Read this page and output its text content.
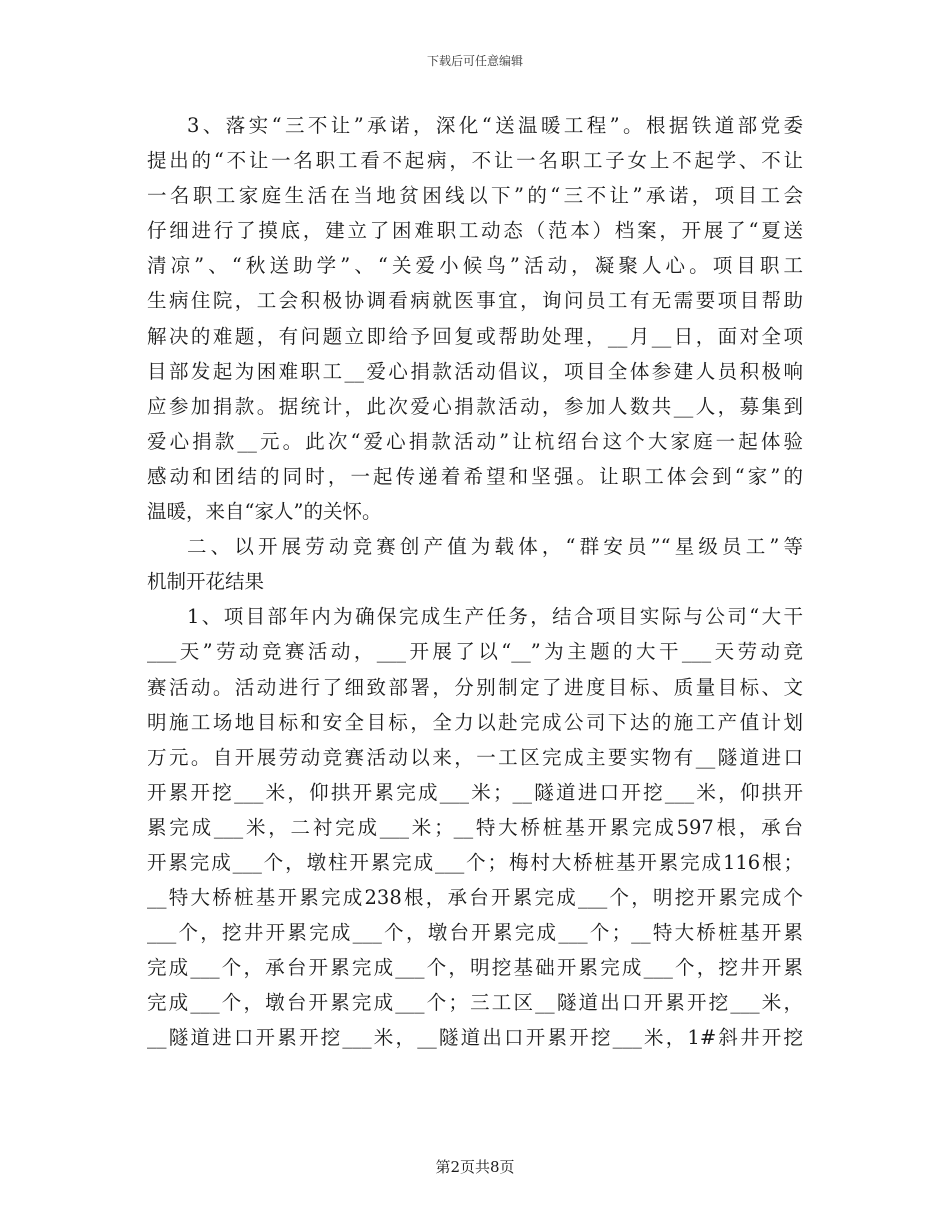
下载后可任意编辑
3、落实“三不让”承诺，深化“送温暖工程”。根据铁道部党委
提出的“不让一名职工看不起病，不让一名职工子女上不起学、不让
一名职工家庭生活在当地贫困线以下”的“三不让”承诺，项目工会
仔细进行了摸底，建立了困难职工动态（范本）档案，开展了“夏送
清凉”、“秋送助学”、“关爱小候鸟”活动，凝聚人心。项目职工
生病住院，工会积极协调看病就医事宜，询问员工有无需要项目帮助
解决的难题，有问题立即给予回复或帮助处理，__月__日，面对全项
目部发起为困难职工__爱心捐款活动倡议，项目全体参建人员积极响
应参加捐款。据统计，此次爱心捐款活动，参加人数共__人，募集到
爱心捐款__元。此次“爱心捐款活动”让杭绍台这个大家庭一起体验
感动和团结的同时，一起传递着希望和坚强。让职工体会到“家”的
温暖，来自“家人”的关怀。
二、以开展劳动竞赛创产值为载体，“群安员”“星级员工”等
机制开花结果
1、项目部年内为确保完成生产任务，结合项目实际与公司“大干
___天”劳动竞赛活动，___开展了以“__”为主题的大干___天劳动竞
赛活动。活动进行了细致部署，分别制定了进度目标、质量目标、文
明施工场地目标和安全目标，全力以赴完成公司下达的施工产值计划
万元。自开展劳动竞赛活动以来，一工区完成主要实物有__隧道进口
开累开挖___米，仰拱开累完成___米；__隧道进口开挖___米，仰拱开
累完成___米，二衬完成___米；__特大桥桩基开累完成597根，承台
开累完成___个，墩柱开累完成___个；梅村大桥桩基开累完成116根；
__特大桥桩基开累完成238根，承台开累完成___个，明挖开累完成个
___个，挖井开累完成___个，墩台开累完成___个；__特大桥桩基开累
完成___个，承台开累完成___个，明挖基础开累完成___个，挖井开累
完成___个，墩台开累完成___个；三工区__隧道出口开累开挖___米，
__隧道进口开累开挖___米，__隧道出口开累开挖___米，1#斜井开挖
第2页共8页
